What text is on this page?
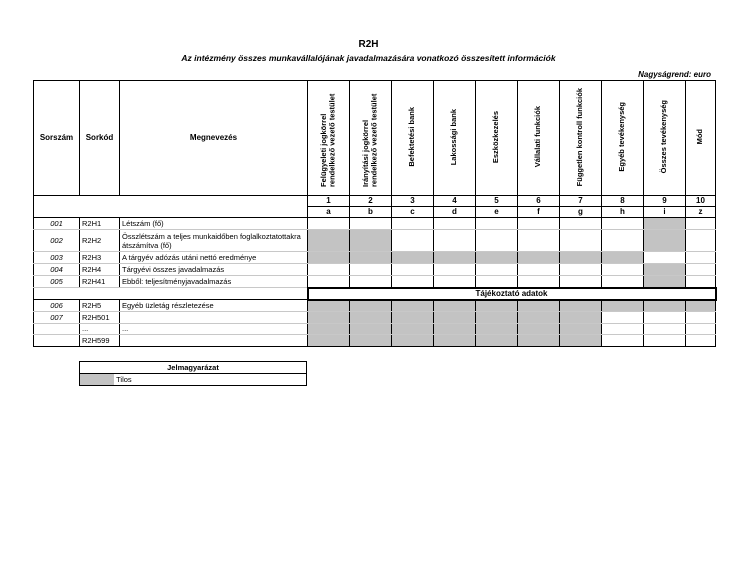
R2H
Az intézmény összes munkavállalójának javadalmazására vonatkozó összesített információk
Nagyságrend: euro
Sorszám	Sorkód	Megnevezés	Felügyeleti jogkörrel rendelkező vezető testület	Irányítási jogkörrel rendelkező vezető testület	Befektetési bank	Lakossági bank	Eszközkezelés	Vállalati funkciók	Független kontroll funkciók	Egyéb tevékenység	Összes tevékenység	Mód
			1	2	3	4	5	6	7	8	9	10
			a	b	c	d	e	f	g	h	i	z
001	R2H1	Létszám (fő)										
002	R2H2	Összlétszám a teljes munkaidőben foglalkoztatottakra átszámítva (fő)										
003	R2H3	A tárgyév adózás utáni nettó eredménye										
004	R2H4	Tárgyévi összes javadalmazás										
005	R2H41	Ebből: teljesítményjavadalmazás										
			Tájékoztató adatok									
006	R2H5	Egyéb üzletág részletezése										
007	R2H501											
	...	...										
	R2H599											
Jelmagyarázat
Tilos
